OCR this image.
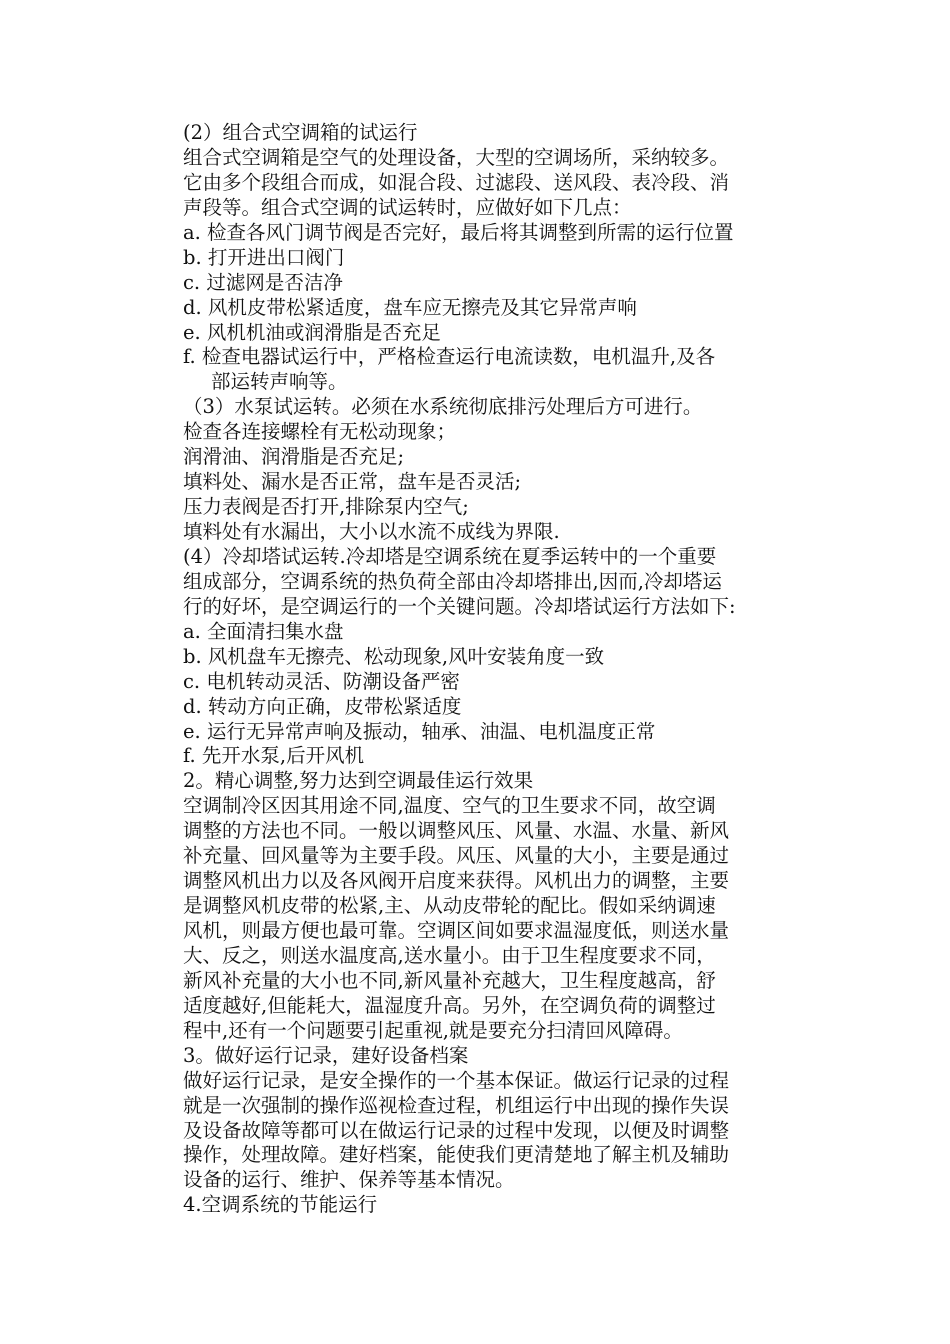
(2）组合式空调箱的试运行
组合式空调箱是空气的处理设备，大型的空调场所，采纳较多。
它由多个段组合而成，如混合段、过滤段、送风段、表冷段、消
声段等。组合式空调的试运转时，应做好如下几点：
a. 检查各风门调节阀是否完好，最后将其调整到所需的运行位置
b. 打开进出口阀门
c. 过滤网是否洁净
d. 风机皮带松紧适度，盘车应无擦壳及其它异常声响
e. 风机机油或润滑脂是否充足
f. 检查电器试运行中，严格检查运行电流读数，电机温升,及各
部运转声响等。
（3）水泵试运转。必须在水系统彻底排污处理后方可进行。
检查各连接螺栓有无松动现象；
润滑油、润滑脂是否充足;
填料处、漏水是否正常，盘车是否灵活;
压力表阀是否打开,排除泵内空气;
填料处有水漏出，大小以水流不成线为界限.
(4）冷却塔试运转.冷却塔是空调系统在夏季运转中的一个重要
组成部分，空调系统的热负荷全部由冷却塔排出,因而,冷却塔运
行的好坏，是空调运行的一个关键问题。冷却塔试运行方法如下:
a. 全面清扫集水盘
b. 风机盘车无擦壳、松动现象,风叶安装角度一致
c. 电机转动灵活、防潮设备严密
d. 转动方向正确，皮带松紧适度
e. 运行无异常声响及振动，轴承、油温、电机温度正常
f. 先开水泵,后开风机
2。精心调整,努力达到空调最佳运行效果
空调制冷区因其用途不同,温度、空气的卫生要求不同，故空调
调整的方法也不同。一般以调整风压、风量、水温、水量、新风
补充量、回风量等为主要手段。风压、风量的大小，主要是通过
调整风机出力以及各风阀开启度来获得。风机出力的调整，主要
是调整风机皮带的松紧,主、从动皮带轮的配比。假如采纳调速
风机，则最方便也最可靠。空调区间如要求温湿度低，则送水量
大、反之，则送水温度高,送水量小。由于卫生程度要求不同，
新风补充量的大小也不同,新风量补充越大，卫生程度越高，舒
适度越好,但能耗大，温湿度升高。另外，在空调负荷的调整过
程中,还有一个问题要引起重视,就是要充分扫清回风障碍。
3。做好运行记录，建好设备档案
做好运行记录，是安全操作的一个基本保证。做运行记录的过程
就是一次强制的操作巡视检查过程，机组运行中出现的操作失误
及设备故障等都可以在做运行记录的过程中发现，以便及时调整
操作，处理故障。建好档案，能使我们更清楚地了解主机及辅助
设备的运行、维护、保养等基本情况。
4.空调系统的节能运行
